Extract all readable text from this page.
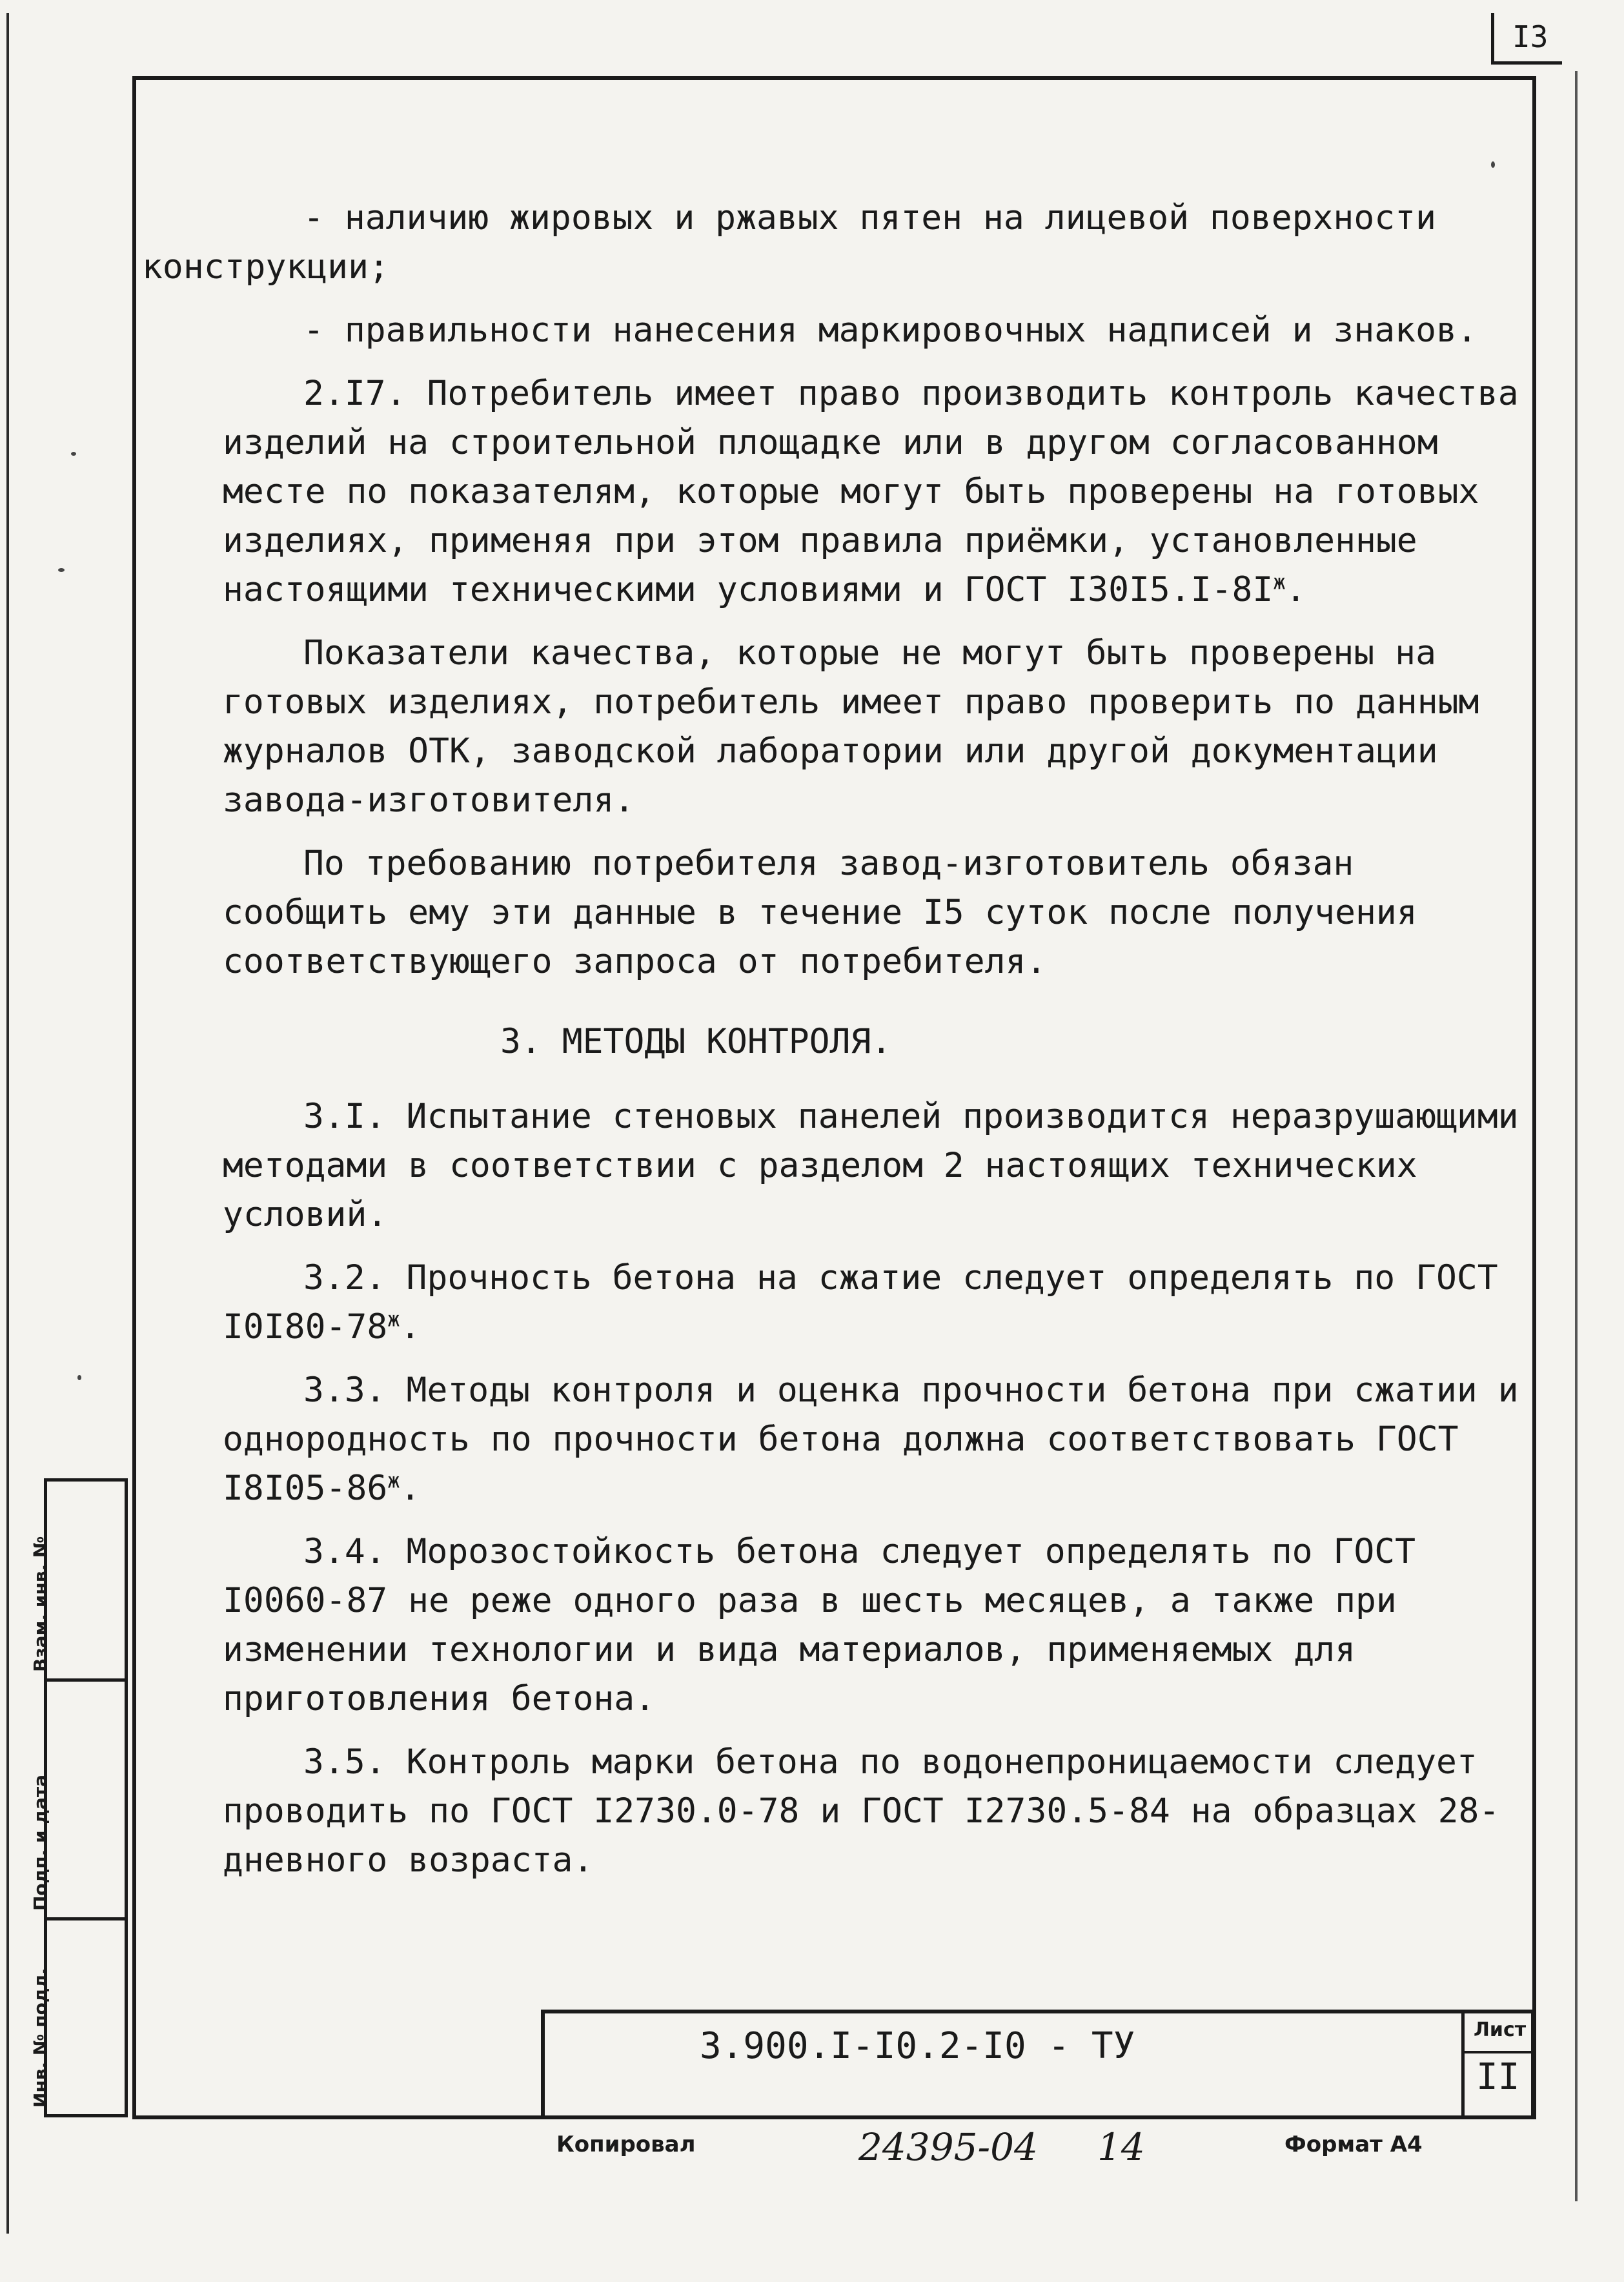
I3

- наличию жировых и ржавых пятен на лицевой поверхности
конструкции;

- правильности нанесения маркировочных надписей и знаков.

2.I7. Потребитель имеет право производить контроль качества изделий на строительной площадке или в другом согласованном месте по показателям, которые могут быть проверены на готовых изделиях, применяя при этом правила приёмки, установленные настоящими техническими условиями и ГОСТ $I30I5.I-8I^ж$.

Показатели качества, которые не могут быть проверены на готовых изделиях, потребитель имеет право проверить по данным журналов ОТК, заводской лаборатории или другой документации завода-изготовителя.

По требованию потребителя завод-изготовитель обязан сообщить ему эти данные в течение I5 суток после получения соответствующего запроса от потребителя.

3. МЕТОДЫ КОНТРОЛЯ.

3.I. Испытание стеновых панелей производится неразрушающими методами в соответствии с разделом 2 настоящих технических условий.

3.2. Прочность бетона на сжатие следует определять по ГОСТ $I0I80-78^ж$.

3.3. Методы контроля и оценка прочности бетона при сжатии и однородность по прочности бетона должна соответствовать ГОСТ $I8I05-86^ж$.

3.4. Морозостойкость бетона следует определять по ГОСТ I0060-87 не реже одного раза в шесть месяцев, а также при изменении технологии и вида материалов, применяемых для приготовления бетона.

3.5. Контроль марки бетона по водонепроницаемости следует проводить по ГОСТ I2730.0-78 и ГОСТ I2730.5-84 на образцах 28-дневного возраста.

Взам. инв. №
Подп. и дата
Инв. № подл.	3.900.I-I0.2-I0 - ТУ	Лист
II
Копировал	24395-04 14	Формат А4
